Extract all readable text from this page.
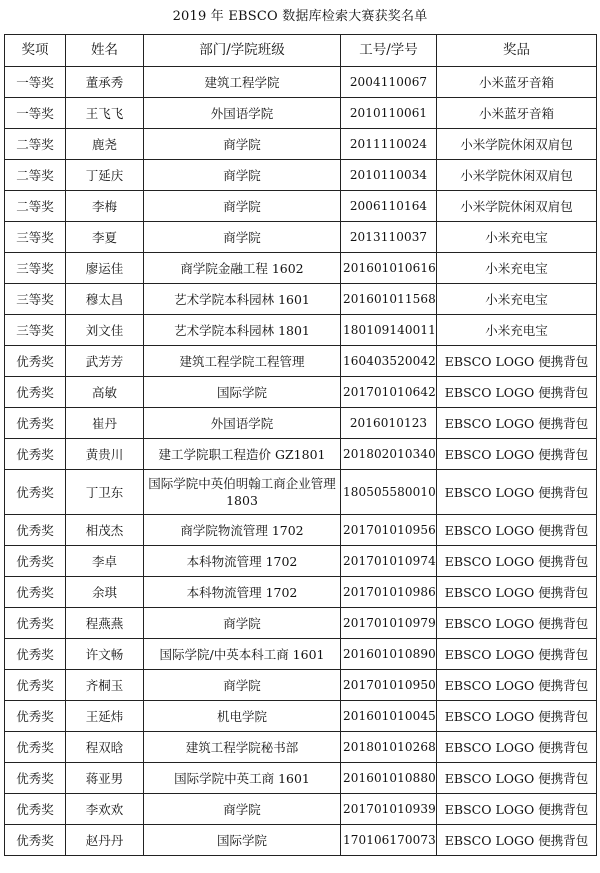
2019 年 EBSCO 数据库检索大赛获奖名单
奖项	姓名	部门/学院班级	工号/学号	奖品
一等奖	董承秀	建筑工程学院	2004110067	小米蓝牙音箱
一等奖	王飞飞	外国语学院	2010110061	小米蓝牙音箱
二等奖	鹿尧	商学院	2011110024	小米学院休闲双肩包
二等奖	丁延庆	商学院	2010110034	小米学院休闲双肩包
二等奖	李梅	商学院	2006110164	小米学院休闲双肩包
三等奖	李夏	商学院	2013110037	小米充电宝
三等奖	廖运佳	商学院金融工程 1602	201601010616	小米充电宝
三等奖	穆太昌	艺术学院本科园林 1601	201601011568	小米充电宝
三等奖	刘文佳	艺术学院本科园林 1801	180109140011	小米充电宝
优秀奖	武芳芳	建筑工程学院工程管理	160403520042	EBSCO LOGO 便携背包
优秀奖	高敏	国际学院	201701010642	EBSCO LOGO 便携背包
优秀奖	崔丹	外国语学院	2016010123	EBSCO LOGO 便携背包
优秀奖	黄贵川	建工学院职工程造价 GZ1801	201802010340	EBSCO LOGO 便携背包
优秀奖	丁卫东	国际学院中英伯明翰工商企业管理 1803	180505580010	EBSCO LOGO 便携背包
优秀奖	相茂杰	商学院物流管理 1702	201701010956	EBSCO LOGO 便携背包
优秀奖	李卓	本科物流管理 1702	201701010974	EBSCO LOGO 便携背包
优秀奖	余琪	本科物流管理 1702	201701010986	EBSCO LOGO 便携背包
优秀奖	程燕燕	商学院	201701010979	EBSCO LOGO 便携背包
优秀奖	许文畅	国际学院/中英本科工商 1601	201601010890	EBSCO LOGO 便携背包
优秀奖	齐桐玉	商学院	201701010950	EBSCO LOGO 便携背包
优秀奖	王延炜	机电学院	201601010045	EBSCO LOGO 便携背包
优秀奖	程双晗	建筑工程学院秘书部	201801010268	EBSCO LOGO 便携背包
优秀奖	蒋亚男	国际学院中英工商 1601	201601010880	EBSCO LOGO 便携背包
优秀奖	李欢欢	商学院	201701010939	EBSCO LOGO 便携背包
优秀奖	赵丹丹	国际学院	170106170073	EBSCO LOGO 便携背包
